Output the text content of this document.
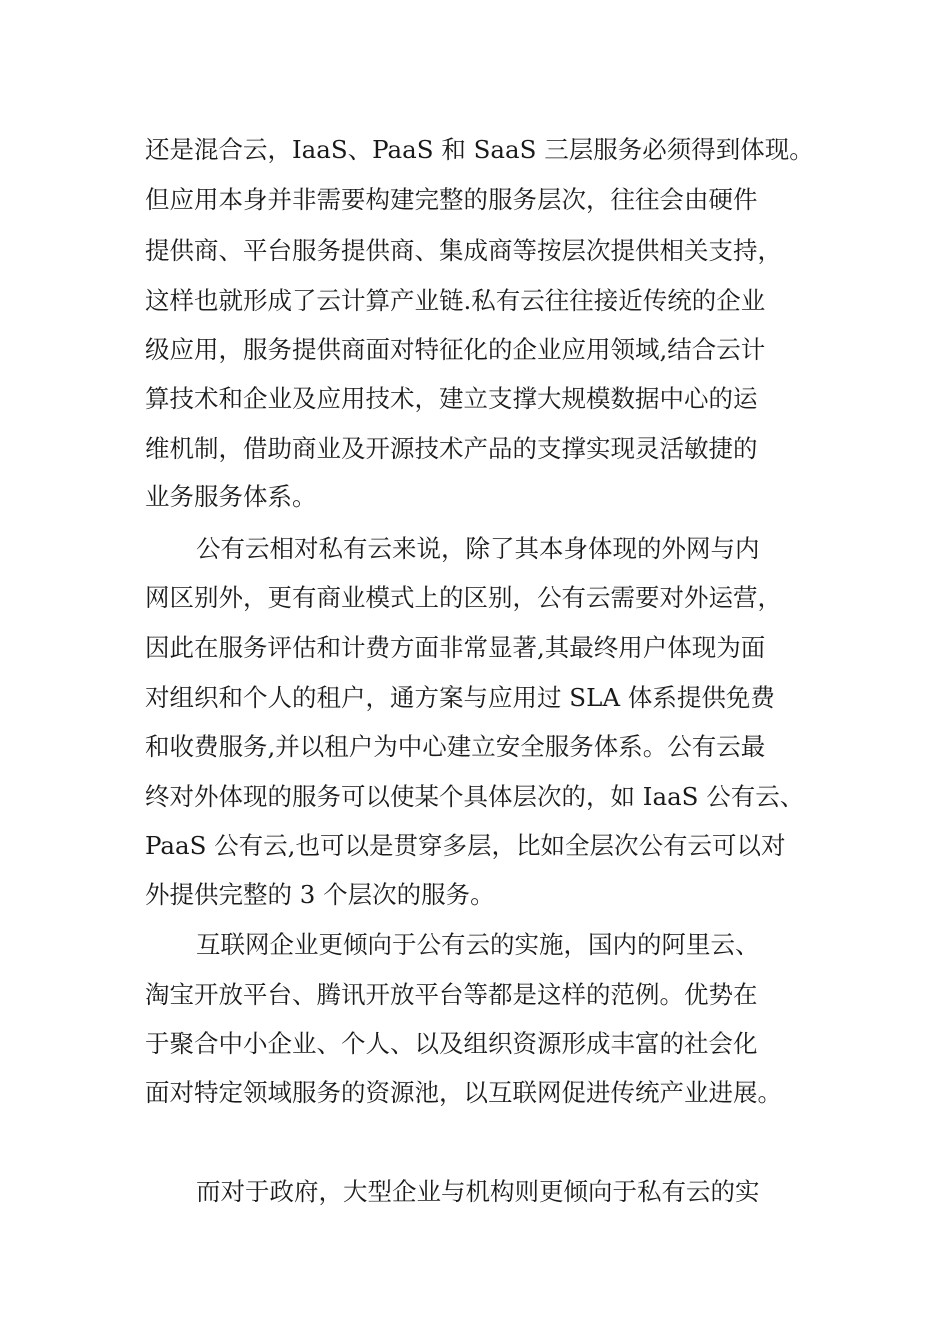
还是混合云，IaaS、PaaS 和 SaaS 三层服务必须得到体现。

但应用本身并非需要构建完整的服务层次，往往会由硬件

提供商、平台服务提供商、集成商等按层次提供相关支持，

这样也就形成了云计算产业链.私有云往往接近传统的企业

级应用，服务提供商面对特征化的企业应用领域,结合云计

算技术和企业及应用技术，建立支撑大规模数据中心的运

维机制，借助商业及开源技术产品的支撑实现灵活敏捷的

业务服务体系。

公有云相对私有云来说，除了其本身体现的外网与内

网区别外，更有商业模式上的区别，公有云需要对外运营，

因此在服务评估和计费方面非常显著,其最终用户体现为面

对组织和个人的租户，通方案与应用过 SLA 体系提供免费

和收费服务,并以租户为中心建立安全服务体系。公有云最

终对外体现的服务可以使某个具体层次的，如 IaaS 公有云、

PaaS 公有云,也可以是贯穿多层，比如全层次公有云可以对

外提供完整的 3 个层次的服务。

互联网企业更倾向于公有云的实施，国内的阿里云、

淘宝开放平台、腾讯开放平台等都是这样的范例。优势在

于聚合中小企业、个人、以及组织资源形成丰富的社会化

面对特定领域服务的资源池，以互联网促进传统产业进展。

而对于政府，大型企业与机构则更倾向于私有云的实
